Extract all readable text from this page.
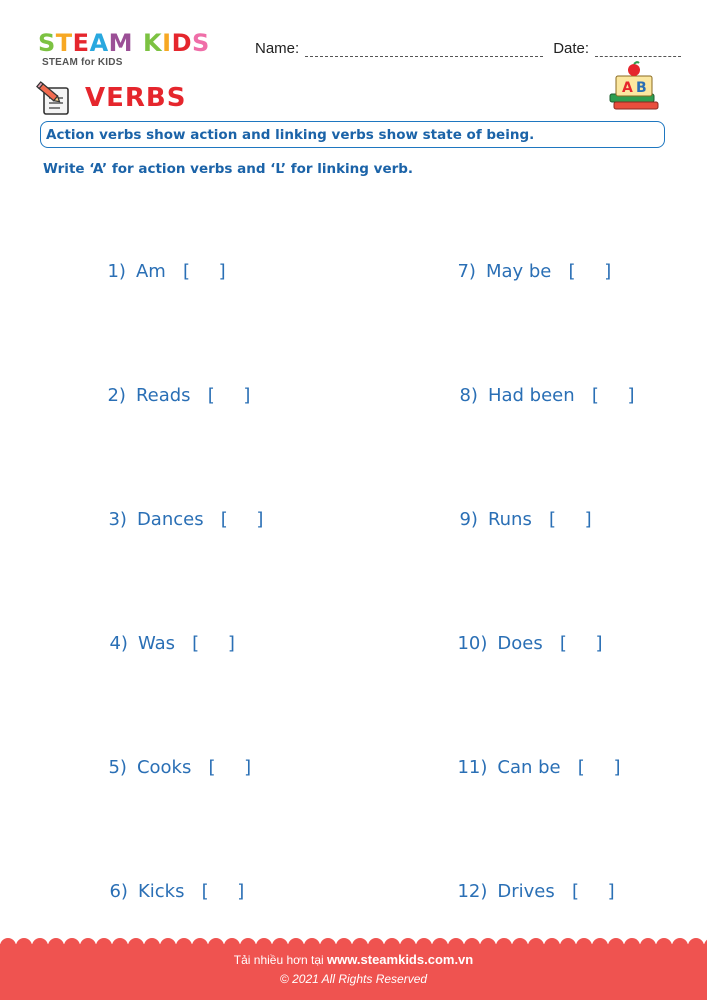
S T E A M K I D S
STEAM for KIDS
Name:	Date:
VERBS	A B
Action verbs show action and linking verbs show state of being.
Write ‘A’ for action verbs and ‘L’ for linking verb.

1) Am [ ]

2) Reads [ ]

3) Dances [ ]

4) Was [ ]

5) Cooks [ ]

6) Kicks [ ]

7) May be [ ]

8) Had been [ ]

9) Runs [ ]

10) Does [ ]

11) Can be [ ]

12) Drives [ ]

Tải nhiều hơn tại www.steamkids.com.vn
© 2021 All Rights Reserved
